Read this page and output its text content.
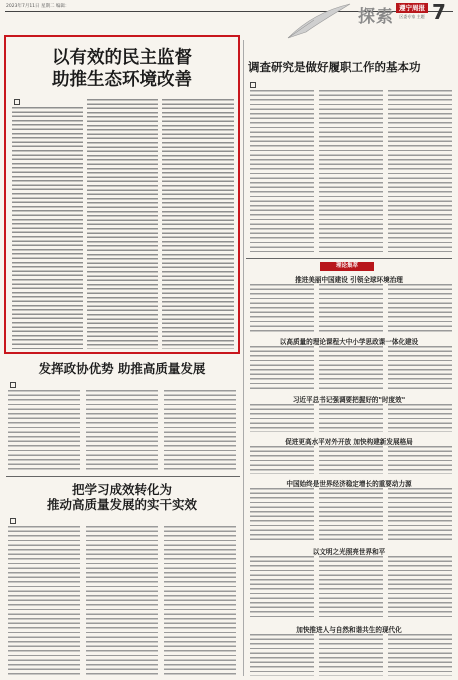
2023年7月11日 星期二 编辑：
探索 遵宁周报
区委专家 主题 7
以有效的民主监督
助推生态环境改善
调查研究是做好履职工作的基本功
理论集萃
推进美丽中国建设 引领全球环境治理
以高质量的理论课程大中小学思政课一体化建设
习近平总书记强调要把握好的"时度效"
促进更高水平对外开放 加快构建新发展格局
中国始终是世界经济稳定增长的重要动力源
以文明之光照亮世界和平
加快推进人与自然和谐共生的现代化
发挥政协优势 助推高质量发展
把学习成效转化为
推动高质量发展的实干实效
